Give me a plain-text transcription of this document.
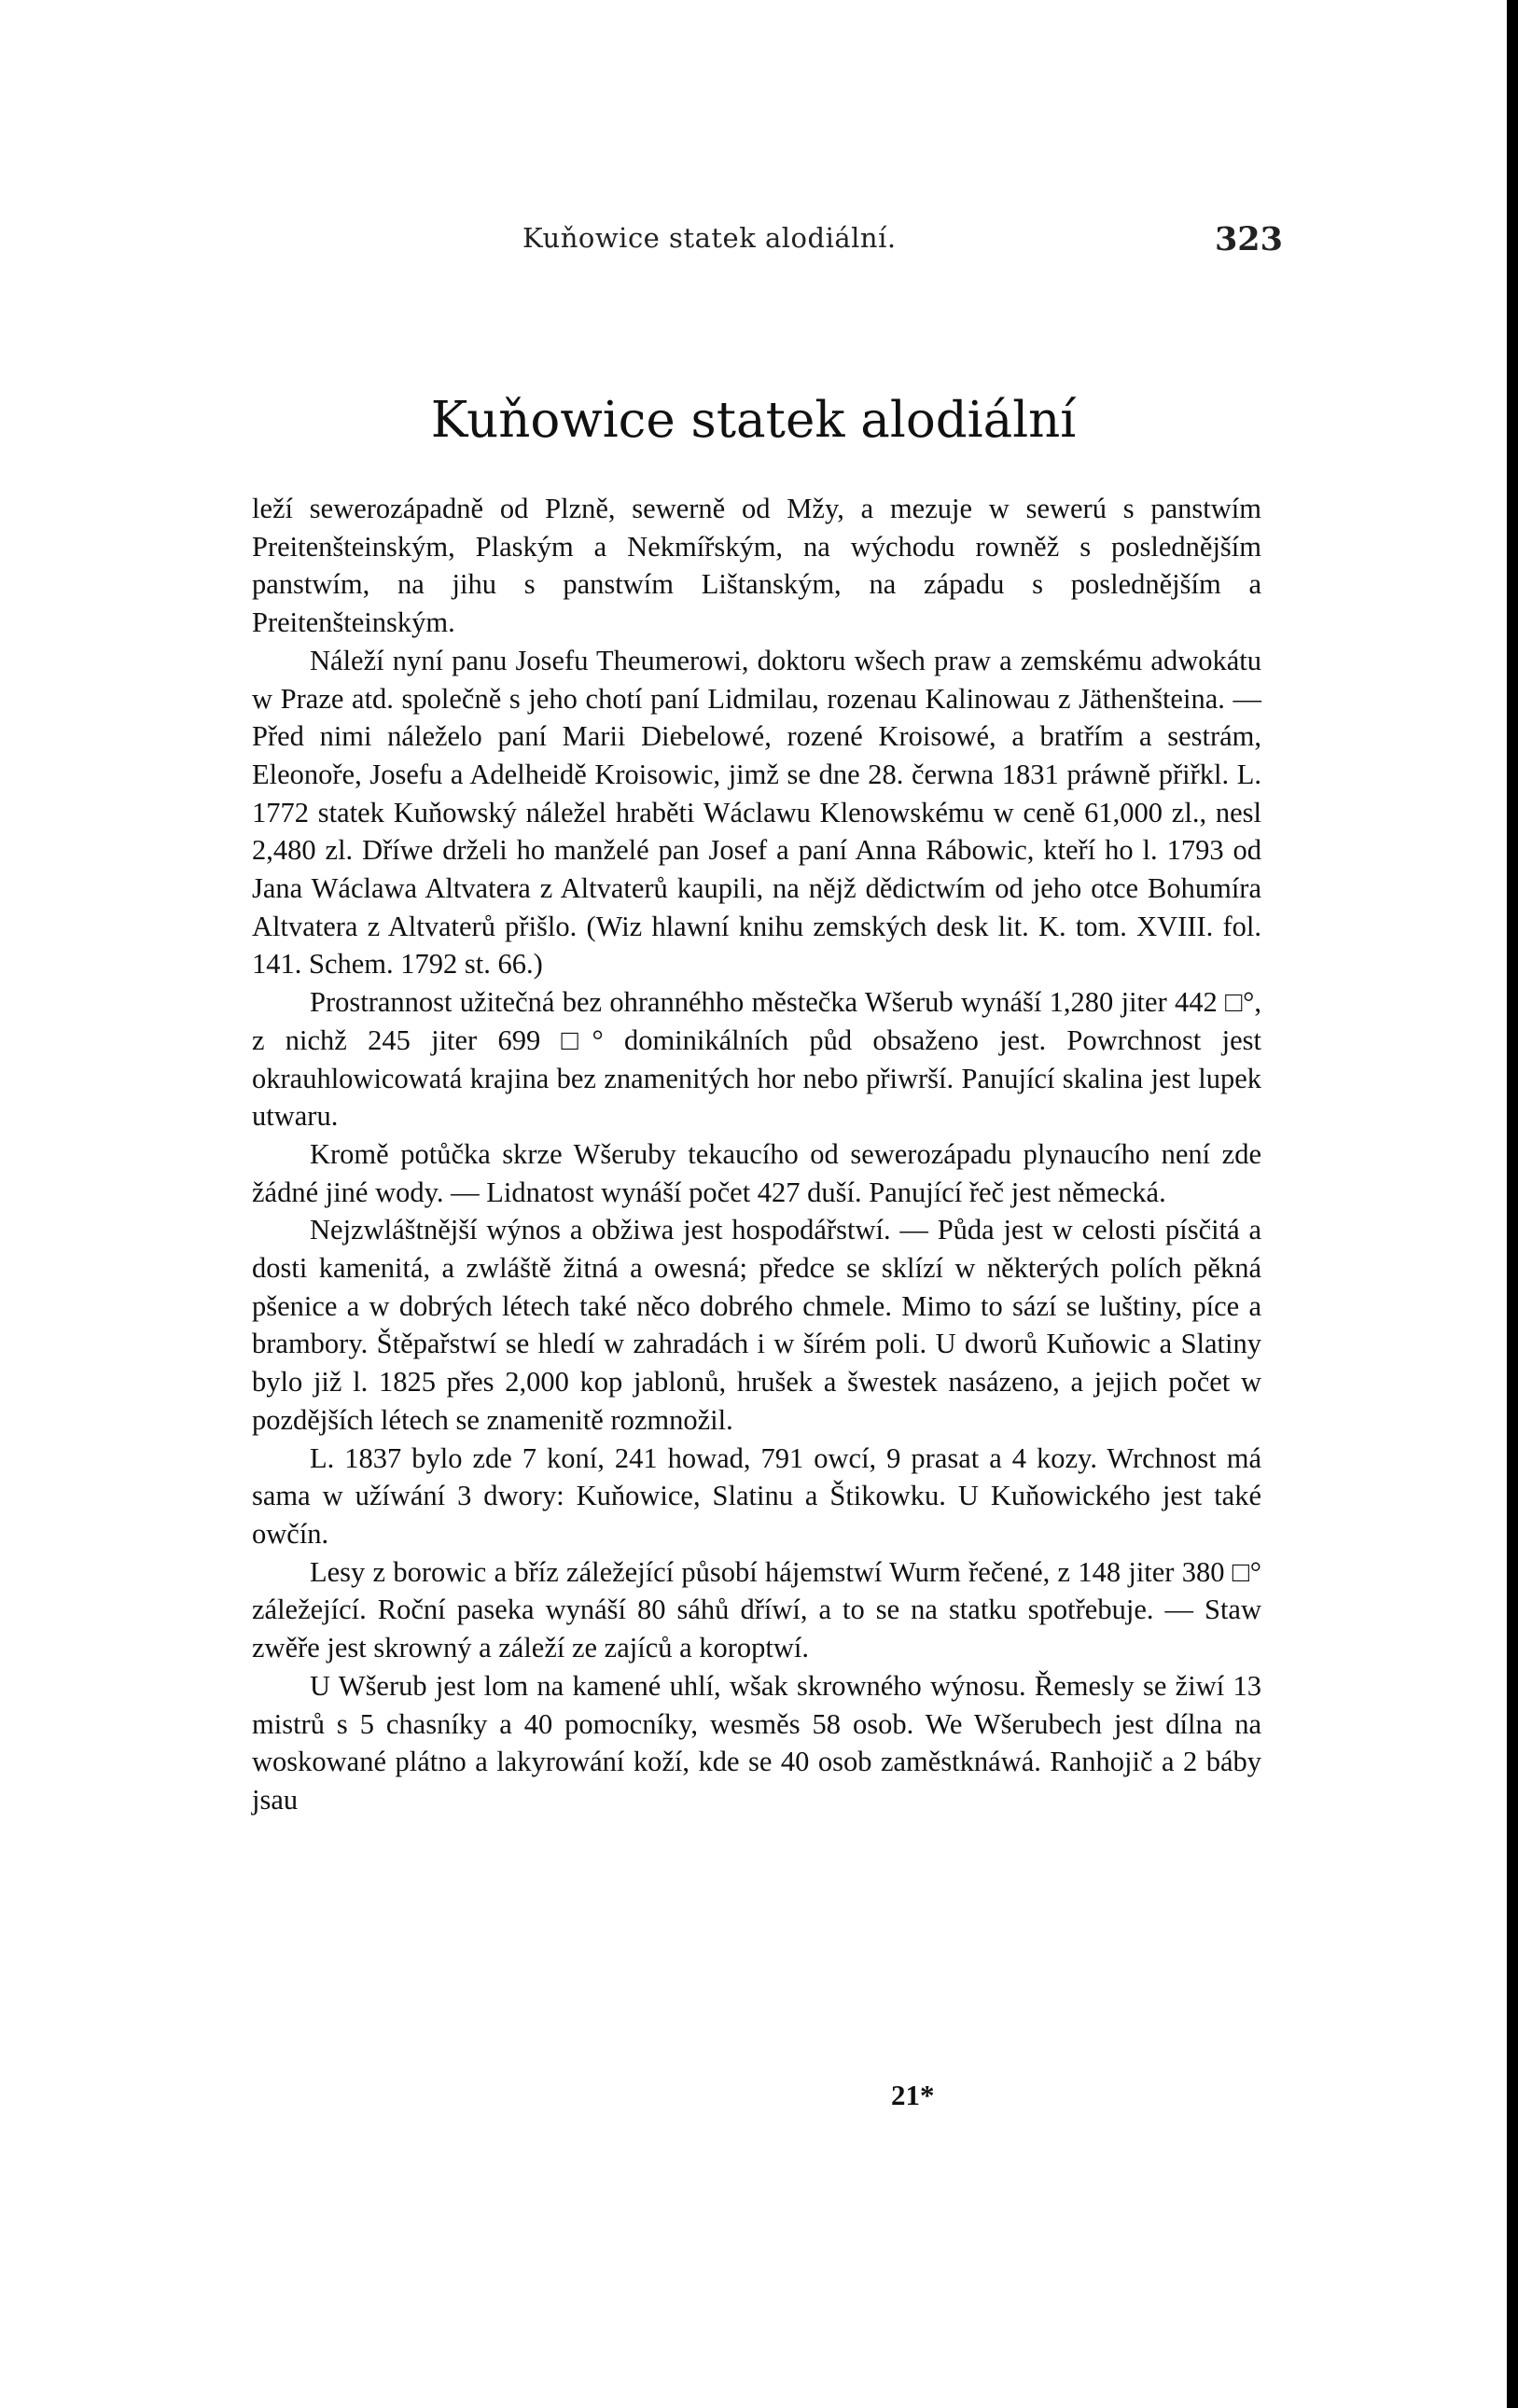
Kuňowice statek alodiální.	323
Kuňowice statek alodiální

leží sewerozápadně od Plzně, sewerně od Mžy, a mezuje w sewerú s panstwím Preitenšteinským, Plaským a Nekmířským, na wýchodu rowněž s poslednějším panstwím, na jihu s panstwím Lištanským, na západu s poslednějším a Preitenšteinským.

Náleží nyní panu Josefu Theumerowi, doktoru wšech praw a zemskému adwokátu w Praze atd. společně s jeho chotí paní Lidmilau, rozenau Kalinowau z Jäthenšteina. — Před nimi náleželo paní Marii Diebelowé, rozené Kroisowé, a bratřím a sestrám, Eleonoře, Josefu a Adelheidě Kroisowic, jimž se dne 28. čerwna 1831 práwně přiřkl. L. 1772 statek Kuňowský náležel hraběti Wáclawu Klenowskému w ceně 61,000 zl., nesl 2,480 zl. Dříwe drželi ho manželé pan Josef a paní Anna Rábowic, kteří ho l. 1793 od Jana Wáclawa Altvatera z Altvaterů kaupili, na nějž dědictwím od jeho otce Bohumíra Altvatera z Altvaterů přišlo. (Wiz hlawní knihu zemských desk lit. K. tom. XVIII. fol. 141. Schem. 1792 st. 66.)

Prostrannost užitečná bez ohrannéhho městečka Wšerub wynáší 1,280 jiter 442 □°, z nichž 245 jiter 699 □° dominikálních půd obsaženo jest. Powrchnost jest okrauhlowicowatá krajina bez znamenitých hor nebo přiwrší. Panující skalina jest lupek utwaru.

Kromě potůčka skrze Wšeruby tekaucího od sewerozápadu plynaucího není zde žádné jiné wody. — Lidnatost wynáší počet 427 duší. Panující řeč jest německá.

Nejzwláštnější wýnos a obžiwa jest hospodářstwí. — Půda jest w celosti písčitá a dosti kamenitá, a zwláště žitná a owesná; předce se sklízí w některých polích pěkná pšenice a w dobrých létech také něco dobrého chmele. Mimo to sází se luštiny, píce a brambory. Štěpařstwí se hledí w zahradách i w šírém poli. U dworů Kuňowic a Slatiny bylo již l. 1825 přes 2,000 kop jablonů, hrušek a šwestek nasázeno, a jejich počet w pozdějších létech se znamenitě rozmnožil.

L. 1837 bylo zde 7 koní, 241 howad, 791 owcí, 9 prasat a 4 kozy. Wrchnost má sama w užíwání 3 dwory: Kuňowice, Slatinu a Štikowku. U Kuňowického jest také owčín.

Lesy z borowic a bříz záležející působí hájemstwí Wurm řečené, z 148 jiter 380 □° záležející. Roční paseka wynáší 80 sáhů dříwí, a to se na statku spotřebuje. — Staw zwěře jest skrowný a záleží ze zajíců a koroptwí.

U Wšerub jest lom na kamené uhlí, wšak skrowného wýnosu. Řemesly se žiwí 13 mistrů s 5 chasníky a 40 pomocníky, wesměs 58 osob. We Wšerubech jest dílna na woskowané plátno a lakyrowání koží, kde se 40 osob zaměstknáwá. Ranhojič a 2 báby jsau

21*
